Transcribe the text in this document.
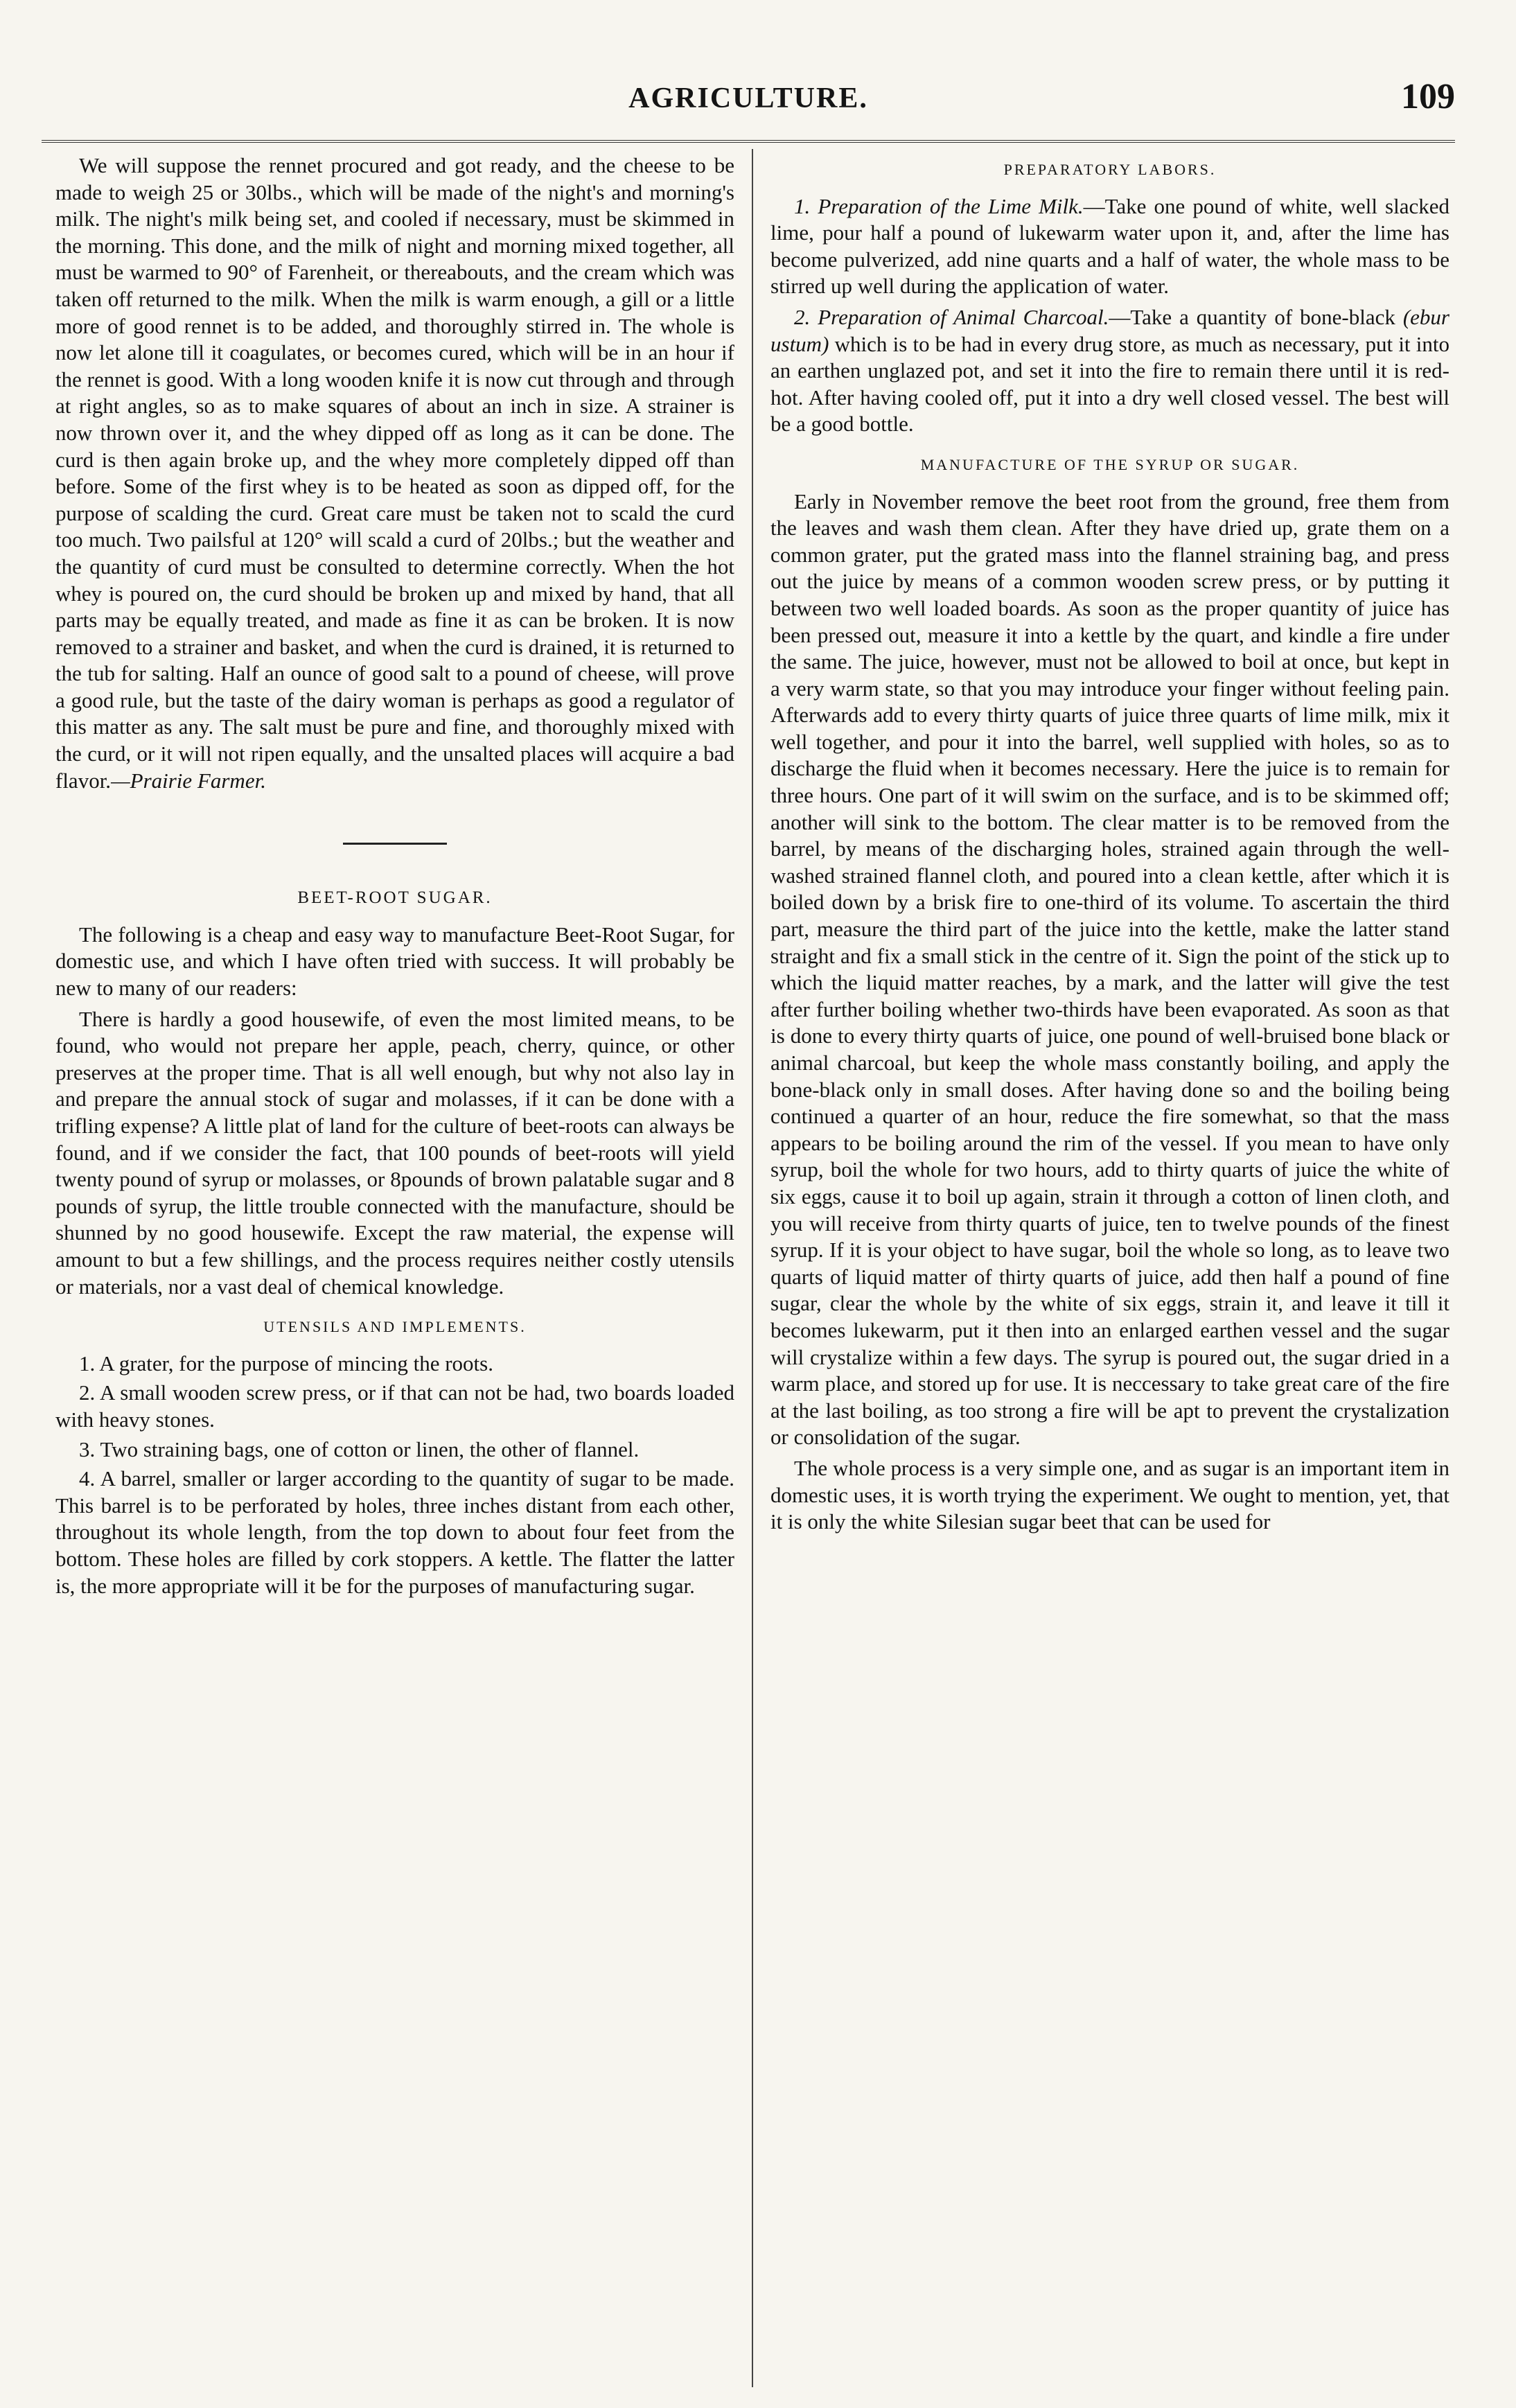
AGRICULTURE.	109

We will suppose the rennet procured and got ready, and the cheese to be made to weigh 25 or 30lbs., which will be made of the night's and morning's milk. The night's milk being set, and cooled if necessary, must be skimmed in the morning. This done, and the milk of night and morning mixed together, all must be warmed to 90° of Farenheit, or thereabouts, and the cream which was taken off returned to the milk. When the milk is warm enough, a gill or a little more of good rennet is to be added, and thoroughly stirred in. The whole is now let alone till it coagulates, or becomes cured, which will be in an hour if the rennet is good. With a long wooden knife it is now cut through and through at right angles, so as to make squares of about an inch in size. A strainer is now thrown over it, and the whey dipped off as long as it can be done. The curd is then again broke up, and the whey more completely dipped off than before. Some of the first whey is to be heated as soon as dipped off, for the purpose of scalding the curd. Great care must be taken not to scald the curd too much. Two pailsful at 120° will scald a curd of 20lbs.; but the weather and the quantity of curd must be consulted to determine correctly. When the hot whey is poured on, the curd should be broken up and mixed by hand, that all parts may be equally treated, and made as fine it as can be broken. It is now removed to a strainer and basket, and when the curd is drained, it is returned to the tub for salting. Half an ounce of good salt to a pound of cheese, will prove a good rule, but the taste of the dairy woman is perhaps as good a regulator of this matter as any. The salt must be pure and fine, and thoroughly mixed with the curd, or it will not ripen equally, and the unsalted places will acquire a bad flavor.—Prairie Farmer.

BEET-ROOT SUGAR.

The following is a cheap and easy way to manufacture Beet-Root Sugar, for domestic use, and which I have often tried with success. It will probably be new to many of our readers:

There is hardly a good housewife, of even the most limited means, to be found, who would not prepare her apple, peach, cherry, quince, or other preserves at the proper time. That is all well enough, but why not also lay in and prepare the annual stock of sugar and molasses, if it can be done with a trifling expense? A little plat of land for the culture of beet-roots can always be found, and if we consider the fact, that 100 pounds of beet-roots will yield twenty pound of syrup or molasses, or 8pounds of brown palatable sugar and 8 pounds of syrup, the little trouble connected with the manufacture, should be shunned by no good housewife. Except the raw material, the expense will amount to but a few shillings, and the process requires neither costly utensils or materials, nor a vast deal of chemical knowledge.

UTENSILS AND IMPLEMENTS.

1. A grater, for the purpose of mincing the roots.

2. A small wooden screw press, or if that can not be had, two boards loaded with heavy stones.

3. Two straining bags, one of cotton or linen, the other of flannel.

4. A barrel, smaller or larger according to the quantity of sugar to be made. This barrel is to be perforated by holes, three inches distant from each other, throughout its whole length, from the top down to about four feet from the bottom. These holes are filled by cork stoppers. A kettle. The flatter the latter is, the more appropriate will it be for the purposes of manufacturing sugar.

PREPARATORY LABORS.

1. Preparation of the Lime Milk.—Take one pound of white, well slacked lime, pour half a pound of lukewarm water upon it, and, after the lime has become pulverized, add nine quarts and a half of water, the whole mass to be stirred up well during the application of water.

2. Preparation of Animal Charcoal.—Take a quantity of bone-black (ebur ustum) which is to be had in every drug store, as much as necessary, put it into an earthen unglazed pot, and set it into the fire to remain there until it is red-hot. After having cooled off, put it into a dry well closed vessel. The best will be a good bottle.

MANUFACTURE OF THE SYRUP OR SUGAR.

Early in November remove the beet root from the ground, free them from the leaves and wash them clean. After they have dried up, grate them on a common grater, put the grated mass into the flannel straining bag, and press out the juice by means of a common wooden screw press, or by putting it between two well loaded boards. As soon as the proper quantity of juice has been pressed out, measure it into a kettle by the quart, and kindle a fire under the same. The juice, however, must not be allowed to boil at once, but kept in a very warm state, so that you may introduce your finger without feeling pain. Afterwards add to every thirty quarts of juice three quarts of lime milk, mix it well together, and pour it into the barrel, well supplied with holes, so as to discharge the fluid when it becomes necessary. Here the juice is to remain for three hours. One part of it will swim on the surface, and is to be skimmed off; another will sink to the bottom. The clear matter is to be removed from the barrel, by means of the discharging holes, strained again through the well-washed strained flannel cloth, and poured into a clean kettle, after which it is boiled down by a brisk fire to one-third of its volume. To ascertain the third part, measure the third part of the juice into the kettle, make the latter stand straight and fix a small stick in the centre of it. Sign the point of the stick up to which the liquid matter reaches, by a mark, and the latter will give the test after further boiling whether two-thirds have been evaporated. As soon as that is done to every thirty quarts of juice, one pound of well-bruised bone black or animal charcoal, but keep the whole mass constantly boiling, and apply the bone-black only in small doses. After having done so and the boiling being continued a quarter of an hour, reduce the fire somewhat, so that the mass appears to be boiling around the rim of the vessel. If you mean to have only syrup, boil the whole for two hours, add to thirty quarts of juice the white of six eggs, cause it to boil up again, strain it through a cotton of linen cloth, and you will receive from thirty quarts of juice, ten to twelve pounds of the finest syrup. If it is your object to have sugar, boil the whole so long, as to leave two quarts of liquid matter of thirty quarts of juice, add then half a pound of fine sugar, clear the whole by the white of six eggs, strain it, and leave it till it becomes lukewarm, put it then into an enlarged earthen vessel and the sugar will crystalize within a few days. The syrup is poured out, the sugar dried in a warm place, and stored up for use. It is neccessary to take great care of the fire at the last boiling, as too strong a fire will be apt to prevent the crystalization or consolidation of the sugar.

The whole process is a very simple one, and as sugar is an important item in domestic uses, it is worth trying the experiment. We ought to mention, yet, that it is only the white Silesian sugar beet that can be used for
